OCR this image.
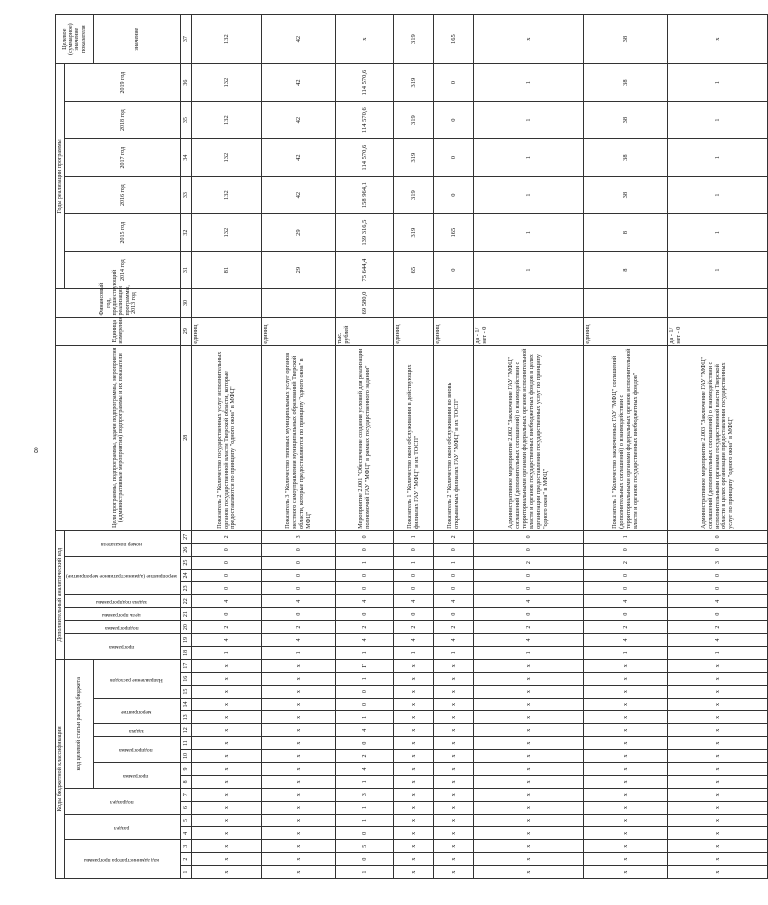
8
Коды бюджетной классификации																	Дополнительный аналитический код										Цели программы, подпрограммы, задачи подпрограммы, мероприятия (административные мероприятия) подпрограммы и их показатели	Единица измерения	Финансовый год, предшествующий реализации программы, 2013 год	Годы реализации программы						Целевое (суммарное) значение показателя
код администратора программы			раздел		подраздел		код целевой статьи расхода бюджета										программа		подпрограмма	цель программы	задача подпрограммы	мероприятие (административное мероприятие)			номер показателя					2014 год	2015 год	2016 год	2017 год	2018 год	2019 год	
							программа		подпрограмма		задача	мероприятие		Направление расходов																						значение
1	2	3	4	5	6	7	8	9	10	11	12	13	14	15	16	17	18	19	20	21	22	23	24	25	26	27	28	29	30	31	32	33	34	35	36	37
х	х	х	х	х	х	х	х	х	х	х	х	х	х	х	х	х	1	4	2	0	4	0	0	0	0	2	Показатель 2 "Количество государственных услуг исполнительных органов государственной власти Тверской области, которые предоставляются по принципу "одного окна" в МФЦ"	единиц		81	132	132	132	132	132	132
х	х	х	х	х	х	х	х	х	х	х	х	х	х	х	х	х	1	4	2	0	4	0	0	0	0	3	Показатель 3 "Количество типовых муниципальных услуг органов местного самоуправления муниципальных образований Тверской области, которые предоставляются по принципу "одного окна" в МФЦ"	единиц		29	29	42	42	42	42	42
1	0	5	0	1	1	3	1	4	2	0	4	1	0	0	1	Г	1	4	2	0	4	0	0	1	0	0	Мероприятие 2.001 "Обеспечение создания условий для реализации полномочий ГАУ "МФЦ" в рамках государственного задания"	тыс. рублей	69 580,0	75 644,4	139 316,5	158 964,1	114 570,6	114 570,6	114 570,6	х
х	х	х	х	х	х	х	х	х	х	х	х	х	х	х	х	х	1	4	2	0	4	0	0	1	0	1	Показатель 1 "Количество окон обслуживания в действующих филиалах ГАУ "МФЦ" и их ТОСП"	единиц		65	319	319	319	319	319	319
х	х	х	х	х	х	х	х	х	х	х	х	х	х	х	х	х	1	4	2	0	4	0	0	1	0	2	Показатель 2 "Количество окон обслуживания во вновь открываемых филиалах ГАУ "МФЦ" и их ТОСП"	единиц		0	165	0	0	0	0	165
х	х	х	х	х	х	х	х	х	х	х	х	х	х	х	х	х	1	4	2	0	4	0	0	2	0	0	Административное мероприятие 2.002 "Заключение ГАУ "МФЦ" соглашений (дополнительных соглашений) о взаимодействии с территориальными органами федеральных органов исполнительной власти и органов государственных внебюджетных фондов в целях организации предоставления государственных услуг по принципу "одного окна" в МФЦ"	да - 1/ нет - 0		1	1	1	1	1	1	х
х	х	х	х	х	х	х	х	х	х	х	х	х	х	х	х	х	1	4	2	0	4	0	0	2	0	1	Показатель 1 "Количество заключенных ГАУ "МФЦ" соглашений (дополнительных соглашений) о взаимодействии с территориальными органами федеральных органов исполнительной власти и органов государственных внебюджетных фондов"	единиц		8	8	38	38	38	38	38
х	х	х	х	х	х	х	х	х	х	х	х	х	х	х	х	х	1	4	2	0	4	0	0	3	0	0	Административное мероприятие 2.003 "Заключение ГАУ "МФЦ" соглашений (дополнительных соглашений) о взаимодействии с исполнительными органами государственной власти Тверской области в целях организации предоставления государственных услуг по принципу "одного окна" в МФЦ"	да - 1/ нет - 0		1	1	1	1	1	1	х
